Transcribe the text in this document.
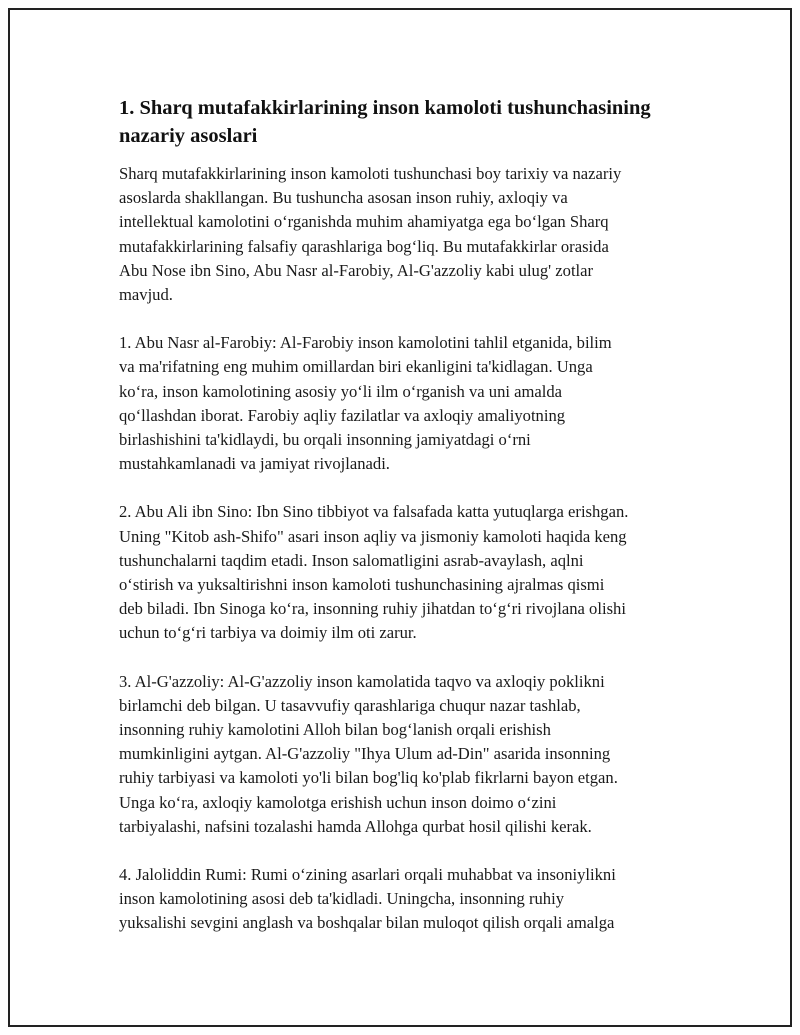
1. Sharq mutafakkirlarining inson kamoloti tushunchasining
nazariy asoslari

Sharq mutafakkirlarining inson kamoloti tushunchasi boy tarixiy va nazariy
asoslarda shakllangan. Bu tushuncha asosan inson ruhiy, axloqiy va
intellektual kamolotini o‘rganishda muhim ahamiyatga ega bo‘lgan Sharq
mutafakkirlarining falsafiy qarashlariga bog‘liq. Bu mutafakkirlar orasida
Abu Nose ibn Sino, Abu Nasr al-Farobiy, Al-G'azzoliy kabi ulug' zotlar
mavjud.

1. Abu Nasr al-Farobiy: Al-Farobiy inson kamolotini tahlil etganida, bilim
va ma'rifatning eng muhim omillardan biri ekanligini ta'kidlagan. Unga
ko‘ra, inson kamolotining asosiy yo‘li ilm o‘rganish va uni amalda
qo‘llashdan iborat. Farobiy aqliy fazilatlar va axloqiy amaliyotning
birlashishini ta'kidlaydi, bu orqali insonning jamiyatdagi o‘rni
mustahkamlanadi va jamiyat rivojlanadi.

2. Abu Ali ibn Sino: Ibn Sino tibbiyot va falsafada katta yutuqlarga erishgan.
Uning "Kitob ash-Shifo" asari inson aqliy va jismoniy kamoloti haqida keng
tushunchalarni taqdim etadi. Inson salomatligini asrab-avaylash, aqlni
o‘stirish va yuksaltirishni inson kamoloti tushunchasining ajralmas qismi
deb biladi. Ibn Sinoga ko‘ra, insonning ruhiy jihatdan to‘g‘ri rivojlana olishi
uchun to‘g‘ri tarbiya va doimiy ilm oti zarur.

3. Al-G'azzoliy: Al-G'azzoliy inson kamolatida taqvo va axloqiy poklikni
birlamchi deb bilgan. U tasavvufiy qarashlariga chuqur nazar tashlab,
insonning ruhiy kamolotini Alloh bilan bog‘lanish orqali erishish
mumkinligini aytgan. Al-G'azzoliy "Ihya Ulum ad-Din" asarida insonning
ruhiy tarbiyasi va kamoloti yo'li bilan bog'liq ko'plab fikrlarni bayon etgan.
Unga ko‘ra, axloqiy kamolotga erishish uchun inson doimo o‘zini
tarbiyalashi, nafsini tozalashi hamda Allohga qurbat hosil qilishi kerak.

4. Jaloliddin Rumi: Rumi o‘zining asarlari orqali muhabbat va insoniylikni
inson kamolotining asosi deb ta'kidladi. Uningcha, insonning ruhiy
yuksalishi sevgini anglash va boshqalar bilan muloqot qilish orqali amalga
